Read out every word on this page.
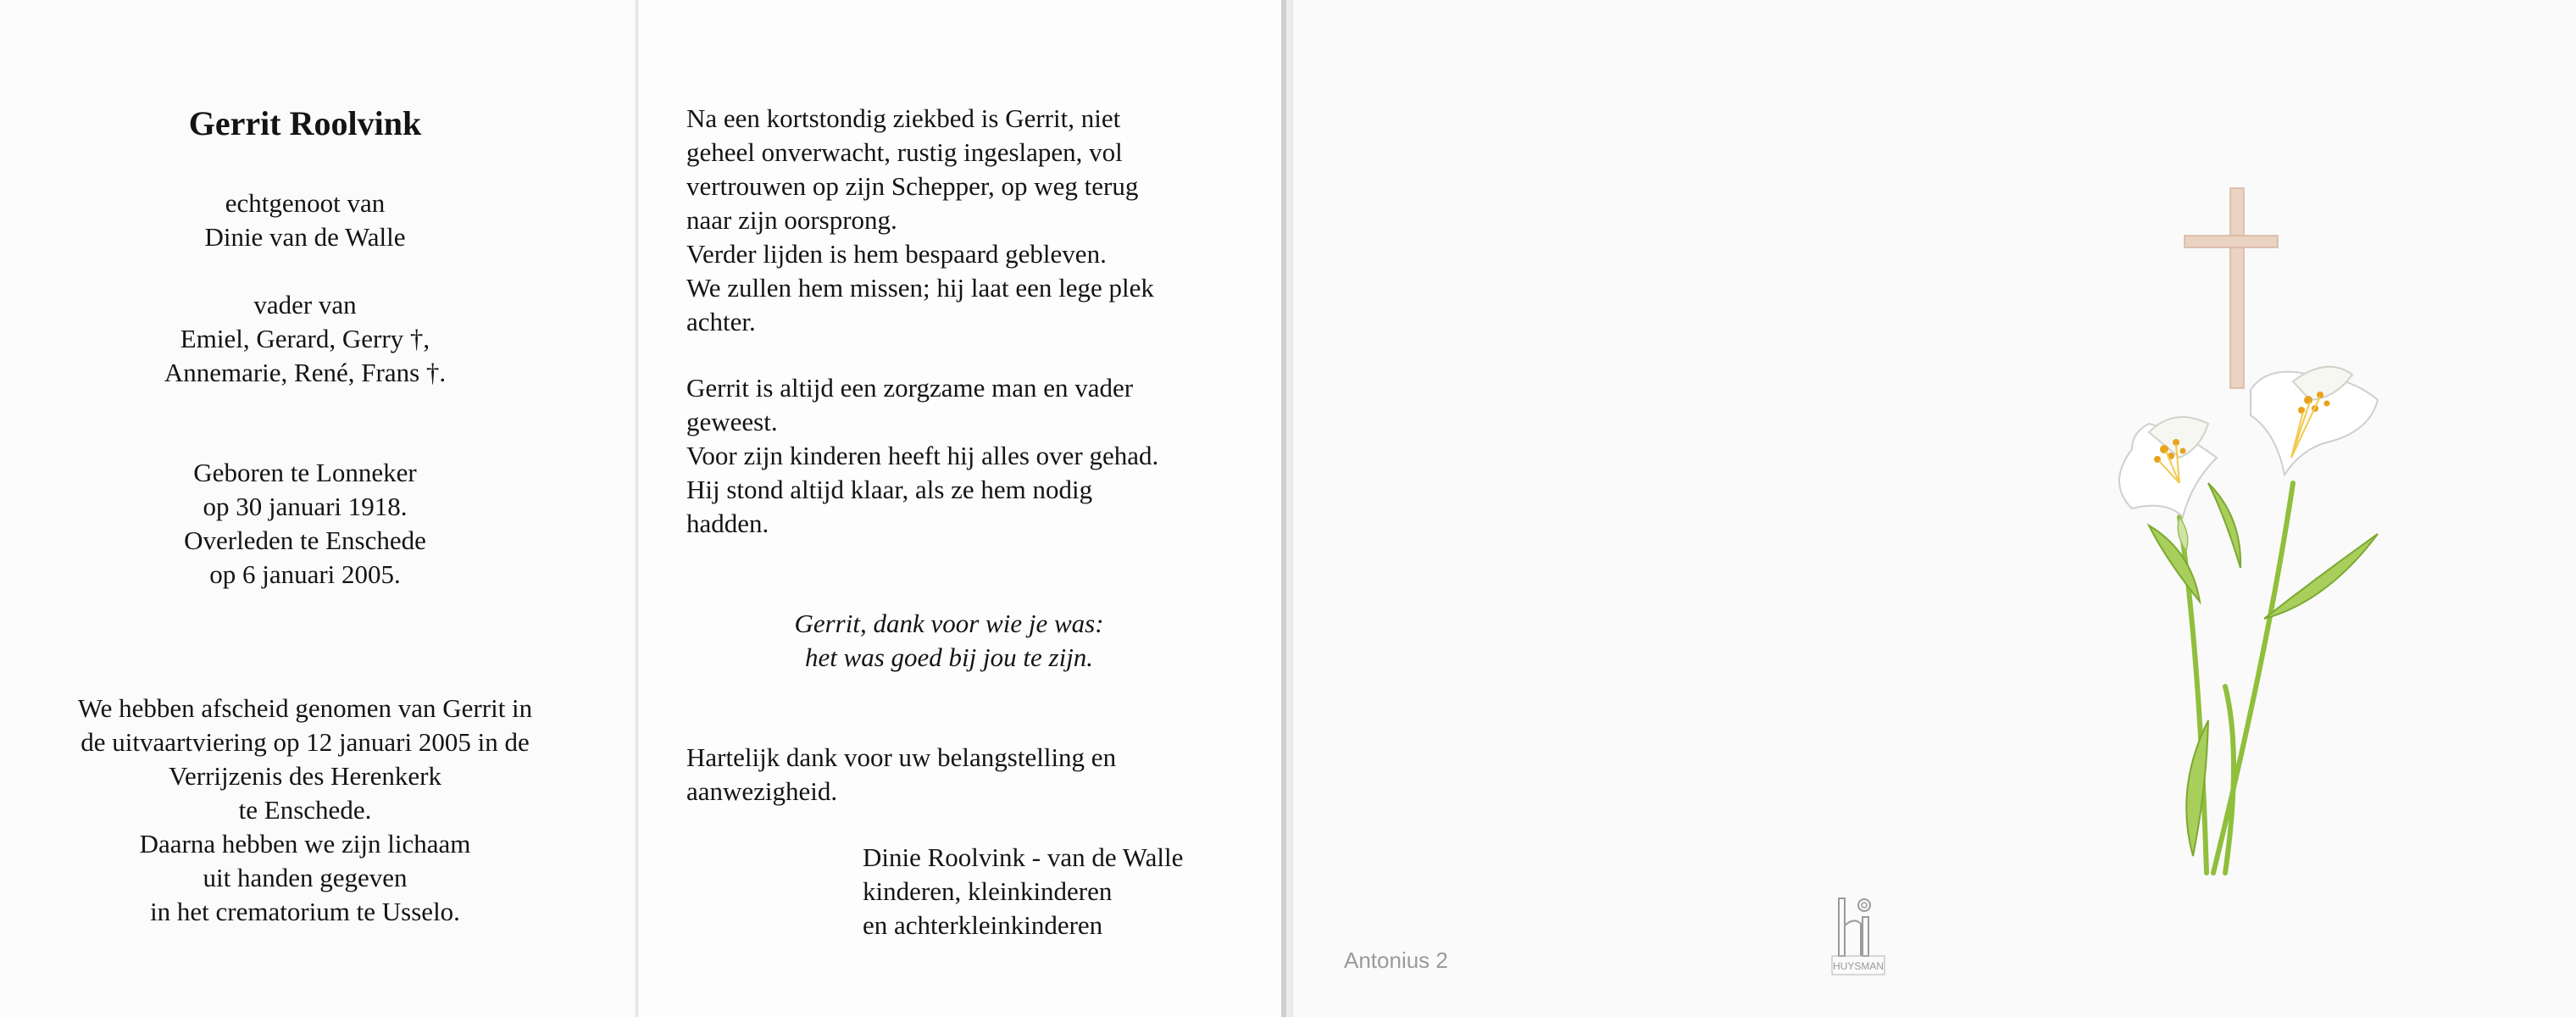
Gerrit Roolvink
echtgenoot van
Dinie van de Walle
vader van
Emiel, Gerard, Gerry †,
Annemarie, René, Frans †.
Geboren te Lonneker
op 30 januari 1918.
Overleden te Enschede
op 6 januari 2005.
We hebben afscheid genomen van Gerrit in
de uitvaartviering op 12 januari 2005 in de
Verrijzenis des Herenkerk
te Enschede.
Daarna hebben we zijn lichaam
uit handen gegeven
in het crematorium te Usselo.
Na een kortstondig ziekbed is Gerrit, niet
geheel onverwacht, rustig ingeslapen, vol
vertrouwen op zijn Schepper, op weg terug
naar zijn oorsprong.
Verder lijden is hem bespaard gebleven.
We zullen hem missen; hij laat een lege plek
achter.
Gerrit is altijd een zorgzame man en vader
geweest.
Voor zijn kinderen heeft hij alles over gehad.
Hij stond altijd klaar, als ze hem nodig
hadden.
Gerrit, dank voor wie je was:
het was goed bij jou te zijn.
Hartelijk dank voor uw belangstelling en
aanwezigheid.
Dinie Roolvink - van de Walle
kinderen, kleinkinderen
en achterkleinkinderen
Antonius 2	HUYSMAN
